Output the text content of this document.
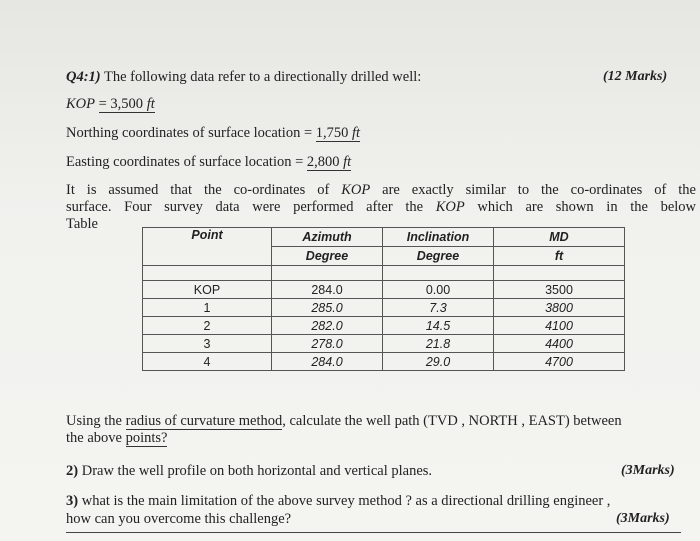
Q4:1) The following data refer to a directionally drilled well:	(12 Marks)
KOP = 3,500 ft
Northing coordinates of surface location = 1,750 ft
Easting coordinates of surface location = 2,800 ft
It is assumed that the co-ordinates of KOP are exactly similar to the co-ordinates of the
surface. Four survey data were performed after the KOP which are shown in the below
Table
Point	Azimuth	Inclination	MD
	Degree	Degree	ft

KOP	284.0	0.00	3500
1	285.0	7.3	3800
2	282.0	14.5	4100
3	278.0	21.8	4400
4	284.0	29.0	4700
Using the radius of curvature method, calculate the well path (TVD , NORTH , EAST) between
the above points?
2) Draw the well profile on both horizontal and vertical planes.	(3Marks)
3) what is the main limitation of the above survey method ? as a directional drilling engineer ,
how can you overcome this challenge?	(3Marks)
